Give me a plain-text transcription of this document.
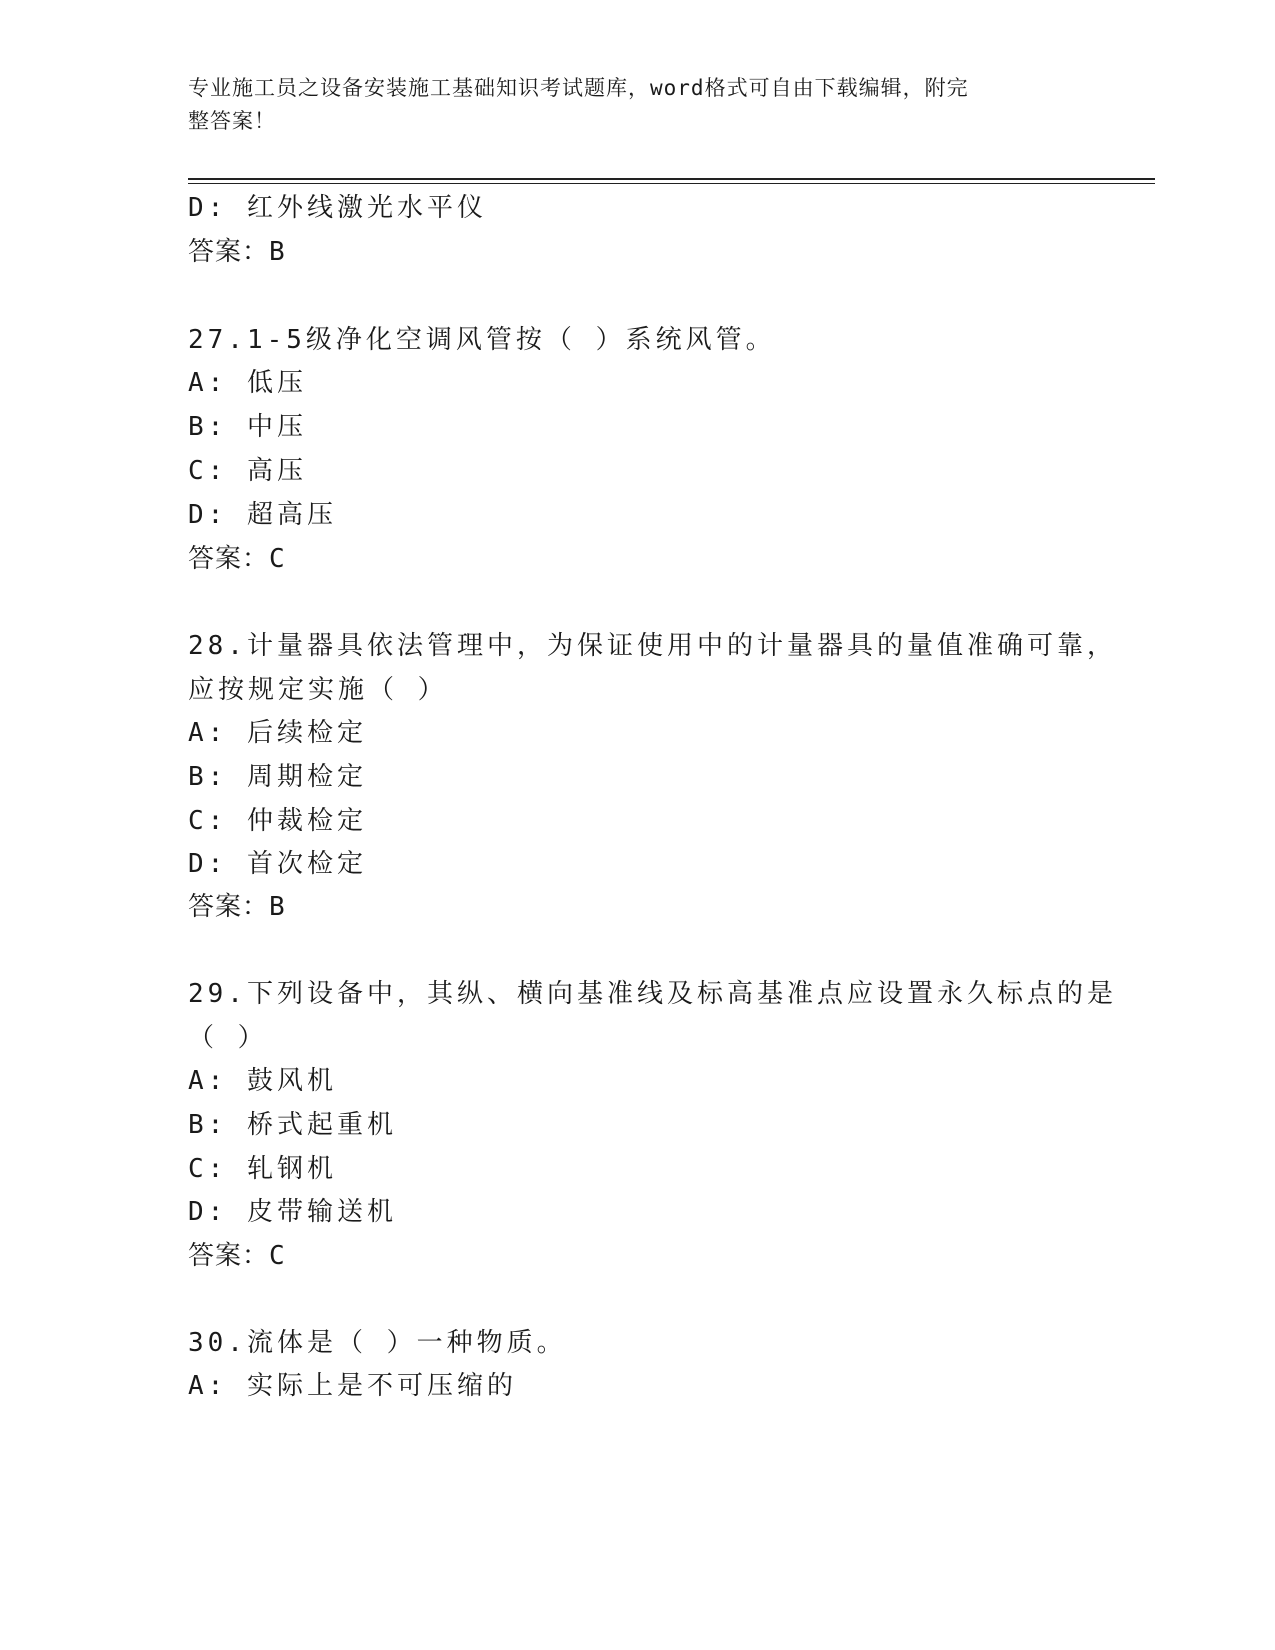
专业施工员之设备安装施工基础知识考试题库，word格式可自由下载编辑，附完
整答案！
D: 红外线激光水平仪
答案：B
27.1-5级净化空调风管按（ ）系统风管。
A: 低压
B: 中压
C: 高压
D: 超高压
答案：C
28.计量器具依法管理中，为保证使用中的计量器具的量值准确可靠，
应按规定实施（ ）
A: 后续检定
B: 周期检定
C: 仲裁检定
D: 首次检定
答案：B
29.下列设备中，其纵、横向基准线及标高基准点应设置永久标点的是
（ ）
A: 鼓风机
B: 桥式起重机
C: 轧钢机
D: 皮带输送机
答案：C
30.流体是（ ）一种物质。
A: 实际上是不可压缩的
